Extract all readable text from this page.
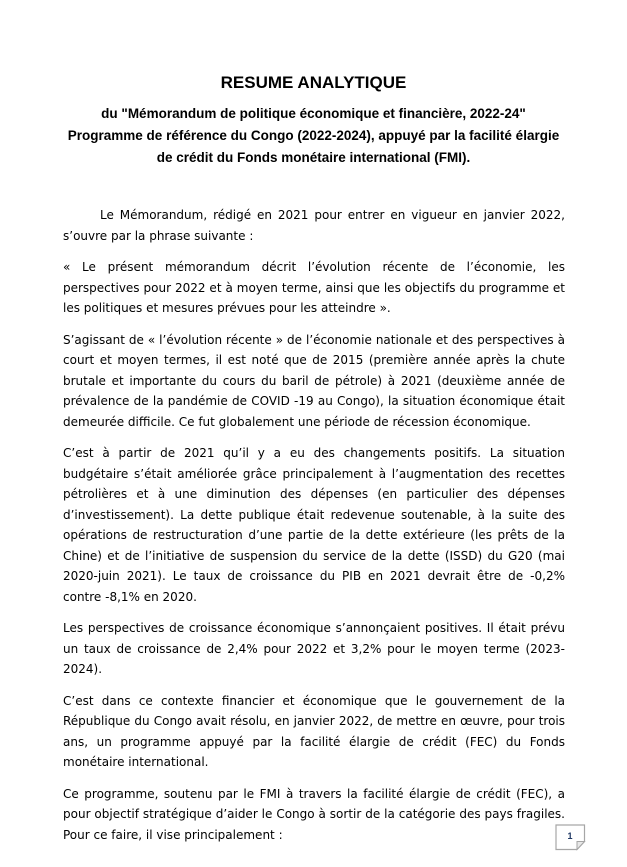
RESUME ANALYTIQUE
du "Mémorandum de politique économique et financière, 2022-24"
Programme de référence du Congo (2022-2024), appuyé par la facilité élargie
de crédit du Fonds monétaire international (FMI).

Le Mémorandum, rédigé en 2021 pour entrer en vigueur en janvier 2022, s’ouvre par la phrase suivante :

« Le présent mémorandum décrit l’évolution récente de l’économie, les perspectives pour 2022 et à moyen terme, ainsi que les objectifs du programme et les politiques et mesures prévues pour les atteindre ».

S’agissant de « l’évolution récente » de l’économie nationale et des perspectives à court et moyen termes, il est noté que de 2015 (première année après la chute brutale et importante du cours du baril de pétrole) à 2021 (deuxième année de prévalence de la pandémie de COVID -19 au Congo), la situation économique était demeurée difficile. Ce fut globalement une période de récession économique.

C’est à partir de 2021 qu’il y a eu des changements positifs. La situation budgétaire s’était améliorée grâce principalement à l’augmentation des recettes pétrolières et à une diminution des dépenses (en particulier des dépenses d’investissement). La dette publique était redevenue soutenable, à la suite des opérations de restructuration d’une partie de la dette extérieure (les prêts de la Chine) et de l’initiative de suspension du service de la dette (ISSD) du G20 (mai 2020-juin 2021). Le taux de croissance du PIB en 2021 devrait être de -0,2% contre -8,1% en 2020.

Les perspectives de croissance économique s’annonçaient positives. Il était prévu un taux de croissance de 2,4% pour 2022 et 3,2% pour le moyen terme (2023-2024).

C’est dans ce contexte financier et économique que le gouvernement de la République du Congo avait résolu, en janvier 2022, de mettre en œuvre, pour trois ans, un programme appuyé par la facilité élargie de crédit (FEC) du Fonds monétaire international.

Ce programme, soutenu par le FMI à travers la facilité élargie de crédit (FEC), a pour objectif stratégique d’aider le Congo à sortir de la catégorie des pays fragiles. Pour ce faire, il vise principalement :	1
